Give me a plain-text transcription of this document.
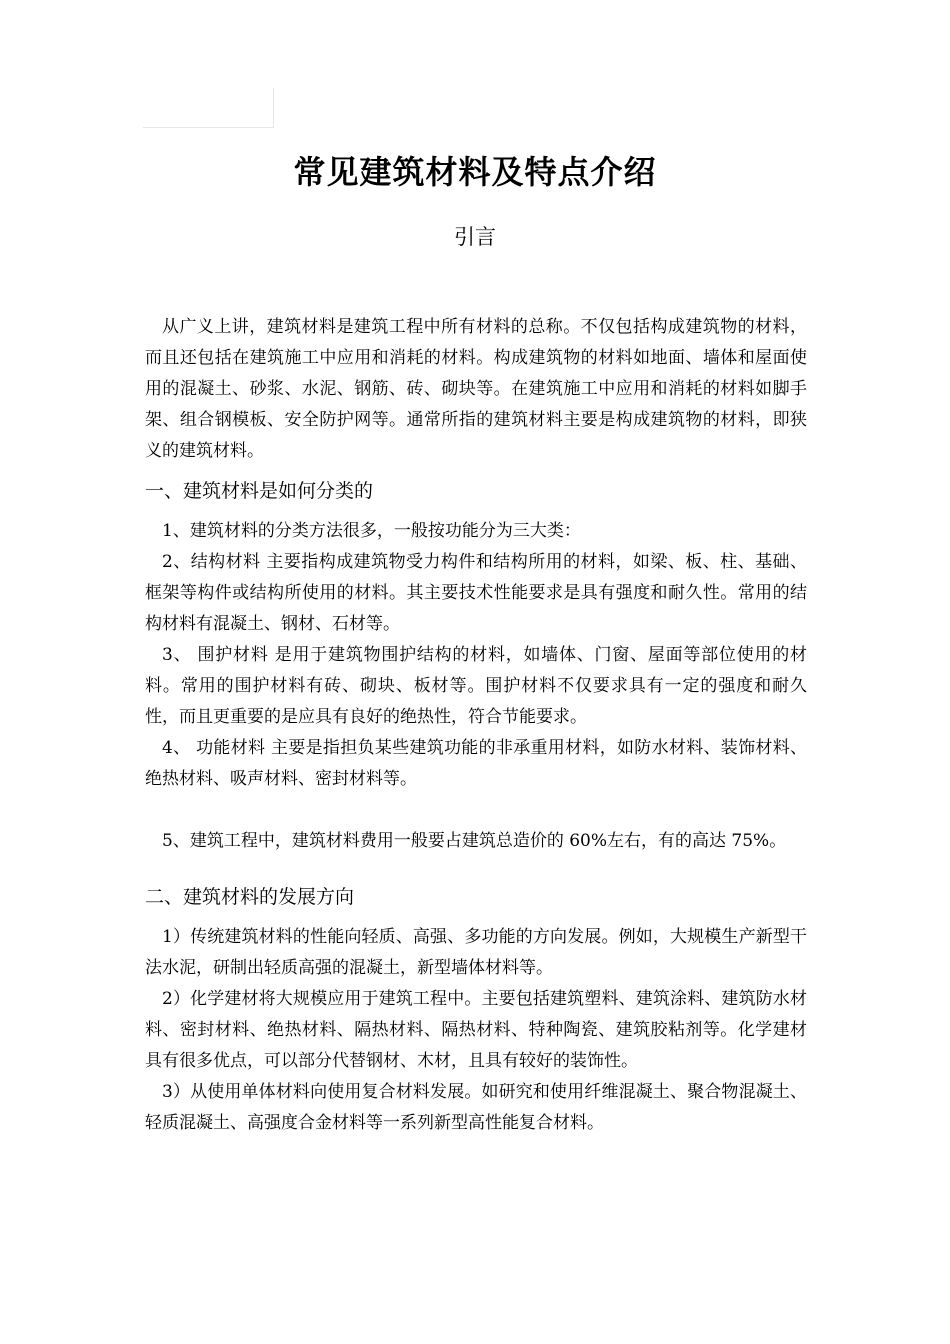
常见建筑材料及特点介绍
引言

从广义上讲，建筑材料是建筑工程中所有材料的总称。不仅包括构成建筑物的材料，而且还包括在建筑施工中应用和消耗的材料。构成建筑物的材料如地面、墙体和屋面使用的混凝土、砂浆、水泥、钢筋、砖、砌块等。在建筑施工中应用和消耗的材料如脚手架、组合钢模板、安全防护网等。通常所指的建筑材料主要是构成建筑物的材料，即狭义的建筑材料。

一、建筑材料是如何分类的

1、建筑材料的分类方法很多，一般按功能分为三大类：

2、结构材料 主要指构成建筑物受力构件和结构所用的材料，如梁、板、柱、基础、框架等构件或结构所使用的材料。其主要技术性能要求是具有强度和耐久性。常用的结构材料有混凝土、钢材、石材等。

3、 围护材料 是用于建筑物围护结构的材料，如墙体、门窗、屋面等部位使用的材料。常用的围护材料有砖、砌块、板材等。围护材料不仅要求具有一定的强度和耐久性，而且更重要的是应具有良好的绝热性，符合节能要求。

4、 功能材料 主要是指担负某些建筑功能的非承重用材料，如防水材料、装饰材料、绝热材料、吸声材料、密封材料等。

5、建筑工程中，建筑材料费用一般要占建筑总造价的 60%左右，有的高达 75%。

二、建筑材料的发展方向

1）传统建筑材料的性能向轻质、高强、多功能的方向发展。例如，大规模生产新型干法水泥，研制出轻质高强的混凝土，新型墙体材料等。

2）化学建材将大规模应用于建筑工程中。主要包括建筑塑料、建筑涂料、建筑防水材料、密封材料、绝热材料、隔热材料、隔热材料、特种陶瓷、建筑胶粘剂等。化学建材具有很多优点，可以部分代替钢材、木材，且具有较好的装饰性。

3）从使用单体材料向使用复合材料发展。如研究和使用纤维混凝土、聚合物混凝土、轻质混凝土、高强度合金材料等一系列新型高性能复合材料。
